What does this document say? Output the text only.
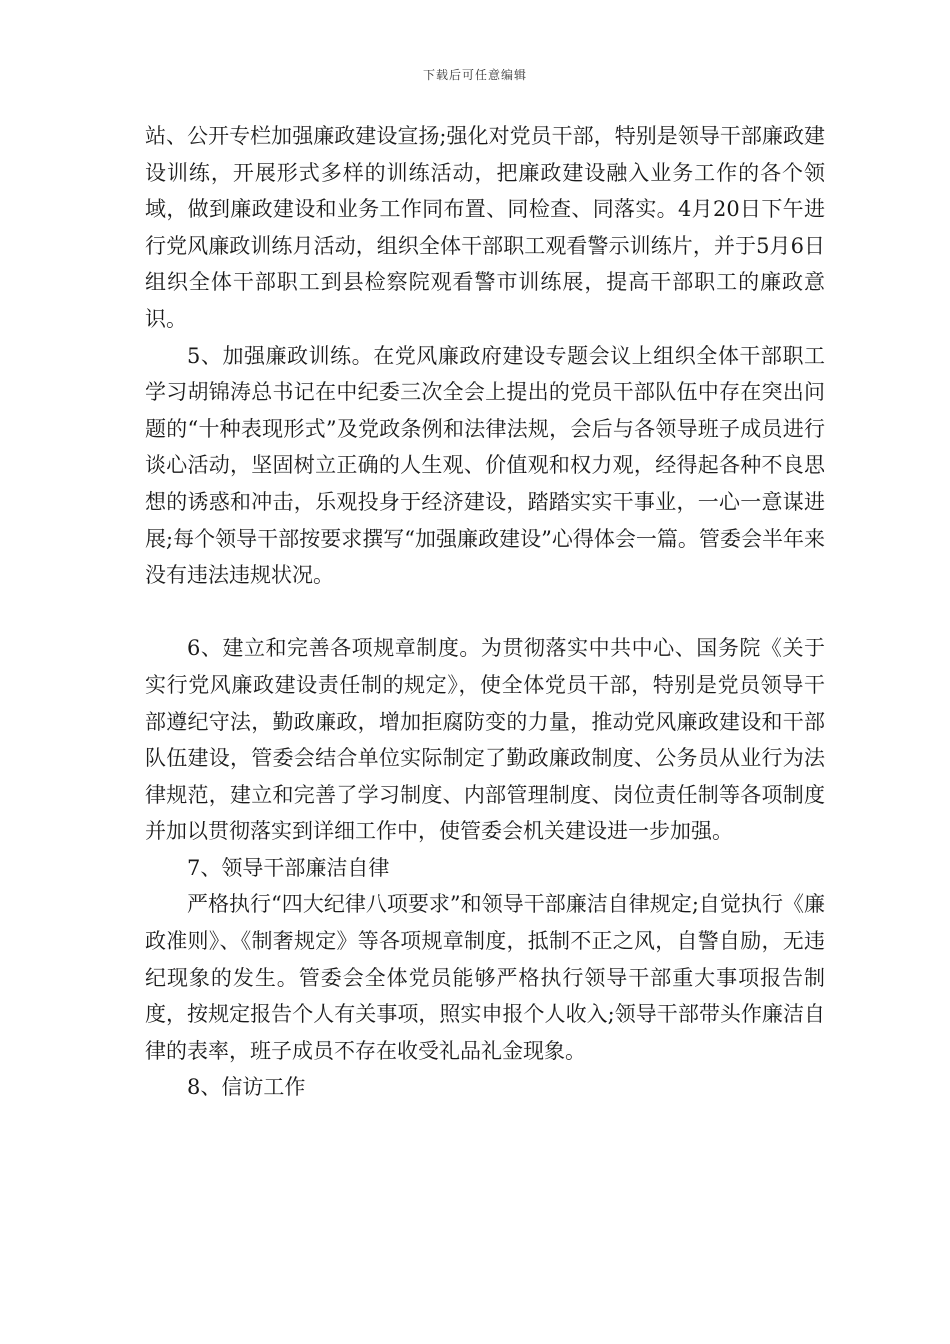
下载后可任意编辑

站、公开专栏加强廉政建设宣扬;强化对党员干部，特别是领导干部廉政建设训练，开展形式多样的训练活动，把廉政建设融入业务工作的各个领域，做到廉政建设和业务工作同布置、同检查、同落实。4月20日下午进行党风廉政训练月活动，组织全体干部职工观看警示训练片，并于5月6日组织全体干部职工到县检察院观看警市训练展，提高干部职工的廉政意识。

5、加强廉政训练。在党风廉政府建设专题会议上组织全体干部职工学习胡锦涛总书记在中纪委三次全会上提出的党员干部队伍中存在突出问题的“十种表现形式”及党政条例和法律法规，会后与各领导班子成员进行谈心活动，坚固树立正确的人生观、价值观和权力观，经得起各种不良思想的诱惑和冲击，乐观投身于经济建设，踏踏实实干事业，一心一意谋进展;每个领导干部按要求撰写“加强廉政建设”心得体会一篇。管委会半年来没有违法违规状况。

6、建立和完善各项规章制度。为贯彻落实中共中心、国务院《关于实行党风廉政建设责任制的规定》，使全体党员干部，特别是党员领导干部遵纪守法，勤政廉政，增加拒腐防变的力量，推动党风廉政建设和干部队伍建设，管委会结合单位实际制定了勤政廉政制度、公务员从业行为法律规范，建立和完善了学习制度、内部管理制度、岗位责任制等各项制度并加以贯彻落实到详细工作中，使管委会机关建设进一步加强。

7、领导干部廉洁自律

严格执行“四大纪律八项要求”和领导干部廉洁自律规定;自觉执行《廉政准则》、《制奢规定》等各项规章制度，抵制不正之风，自警自励，无违纪现象的发生。管委会全体党员能够严格执行领导干部重大事项报告制度，按规定报告个人有关事项，照实申报个人收入;领导干部带头作廉洁自律的表率，班子成员不存在收受礼品礼金现象。

8、信访工作
